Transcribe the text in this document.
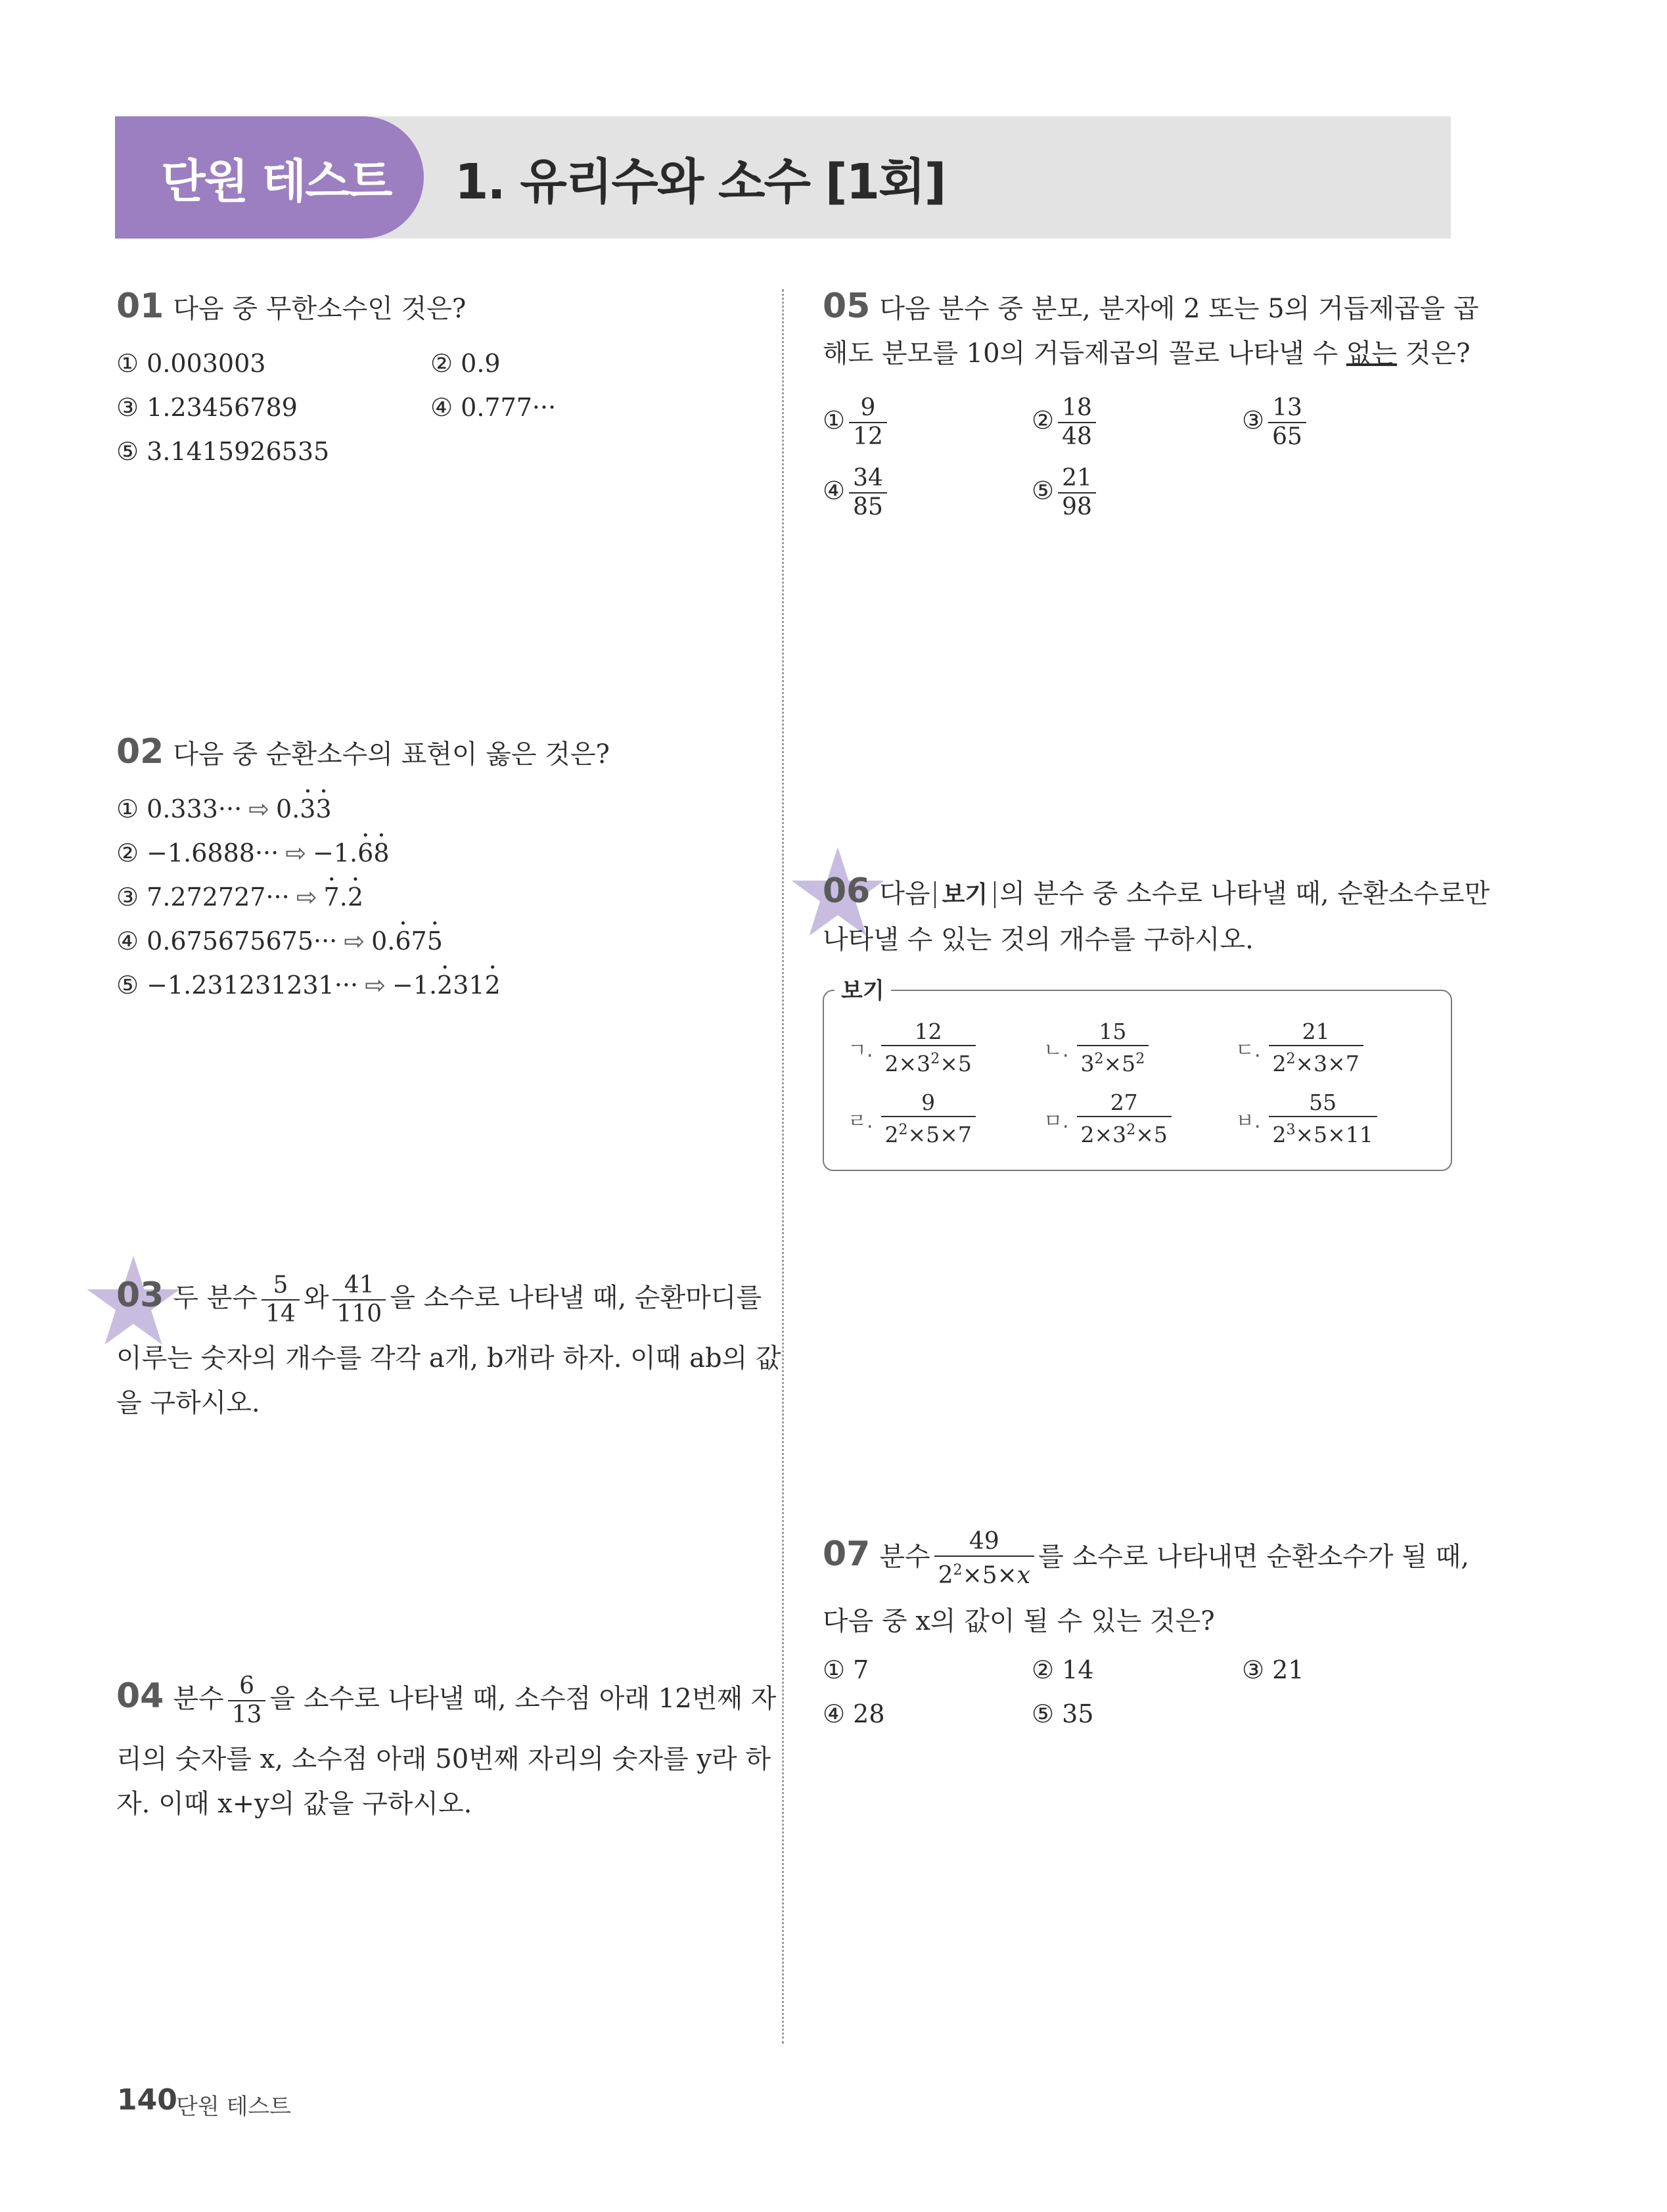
단원 테스트 1. 유리수와 소수 [1회]
01 다음 중 무한소수인 것은?
① 0.003003	② 0.9
③ 1.23456789	④ 0.777···
⑤ 3.1415926535
02 다음 중 순환소수의 표현이 옳은 것은?
① 0.333··· ⇨ 0.• 3• 3
② −1.6888··· ⇨ −1.• 6• 8
③ 7.272727··· ⇨• 7.• 2
④ 0.675675675··· ⇨ 0.• 67• 5
⑤ −1.231231231··· ⇨ −1.• 231• 2
03 두 분수 $\frac{5}{14}$ 와 $\frac{41}{110}$ 을 소수로 나타낼 때, 순환마디를
이루는 숫자의 개수를 각각 a개, b개라 하자. 이때 ab의 값
을 구하시오.
04 분수 $\frac{6}{13}$ 을 소수로 나타낼 때, 소수점 아래 12번째 자
리의 숫자를 x, 소수점 아래 50번째 자리의 숫자를 y라 하
자. 이때 x+y의 값을 구하시오.
05 다음 분수 중 분모, 분자에 2 또는 5의 거듭제곱을 곱
해도 분모를 10의 거듭제곱의 꼴로 나타낼 수 없는 것은?
① $\frac{9}{12}$	② $\frac{18}{48}$	③ $\frac{13}{65}$
④ $\frac{34}{85}$	⑤ $\frac{21}{98}$
06 다음 보기 의 분수 중 소수로 나타낼 때, 순환소수로만
나타낼 수 있는 것의 개수를 구하시오.
보기
ㄱ. $\frac{12}{2\times 3^2\times 5}$	ㄴ. $\frac{15}{3^2\times 5^2}$	ㄷ. $\frac{21}{2^2\times 3\times 7}$
ㄹ. $\frac{9}{2^2\times 5\times 7}$	ㅁ. $\frac{27}{2\times 3^2\times 5}$	ㅂ. $\frac{55}{2^3\times 5\times 11}$
07 분수 $\frac{49}{2^2\times 5\times x}$ 를 소수로 나타내면 순환소수가 될 때,
다음 중 x의 값이 될 수 있는 것은?
① 7	② 14	③ 21
④ 28	⑤ 35
140
단원 테스트
